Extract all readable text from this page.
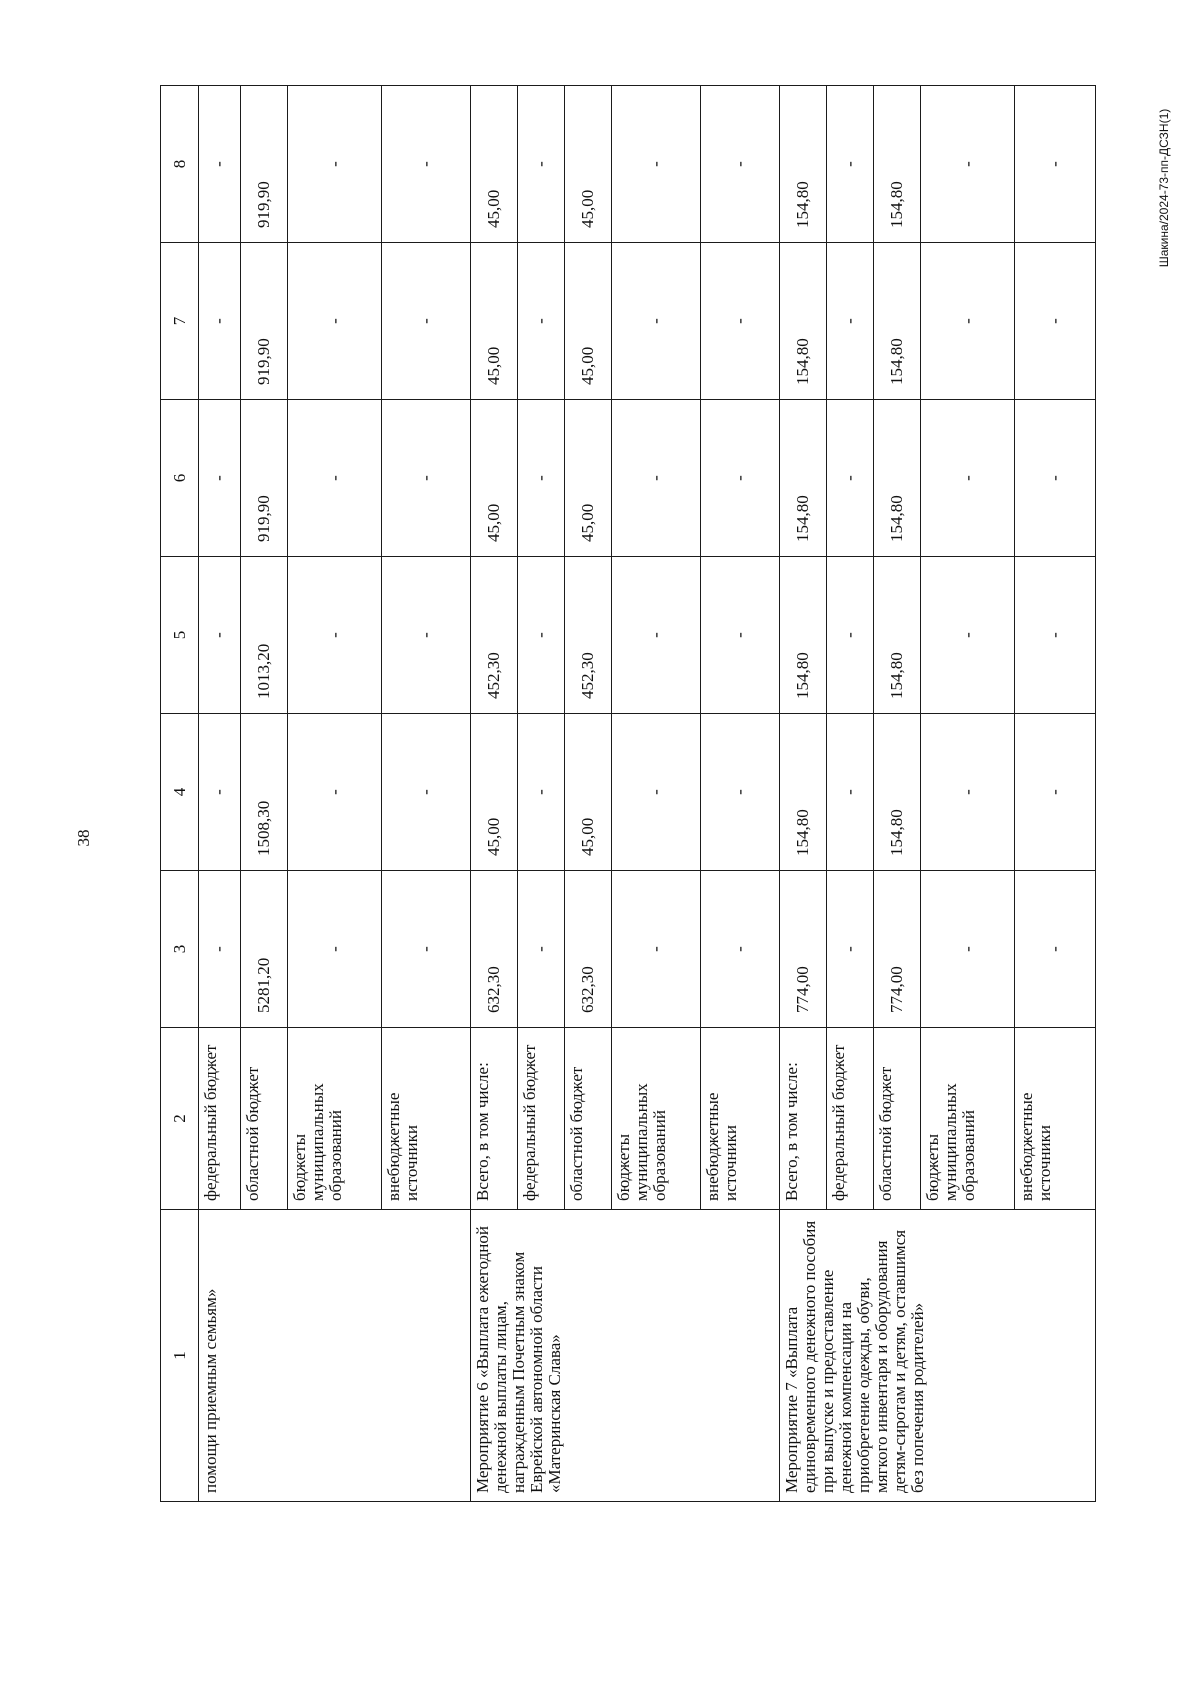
38
Шакина/2024-73-пп-ДСЗН(1)
1	2	3	4	5	6	7	8

помощи приемным семьям»	федеральный бюджет	-	-	-	-	-	-
	областной бюджет	5281,20	1508,30	1013,20	919,90	919,90	919,90
	бюджеты муниципальных образований	-	-	-	-	-	-
	внебюджетные источники	-	-	-	-	-	-

Мероприятие 6 «Выплата ежегодной денежной выплаты лицам, награжденным Почетным знаком Еврейской автономной области «Материнская Слава»	Всего, в том числе:	632,30	45,00	452,30	45,00	45,00	45,00
	федеральный бюджет	-	-	-	-	-	-
	областной бюджет	632,30	45,00	452,30	45,00	45,00	45,00
	бюджеты муниципальных образований	-	-	-	-	-	-
	внебюджетные источники	-	-	-	-	-	-

Мероприятие 7 «Выплата единовременного денежного пособия при выпуске и предоставление денежной компенсации на приобретение одежды, обуви, мягкого инвентаря и оборудования детям-сиротам и детям, оставшимся без попечения родителей»	Всего, в том числе:	774,00	154,80	154,80	154,80	154,80	154,80
	федеральный бюджет	-	-	-	-	-	-
	областной бюджет	774,00	154,80	154,80	154,80	154,80	154,80
	бюджеты муниципальных образований	-	-	-	-	-	-
	внебюджетные источники	-	-	-	-	-	-
